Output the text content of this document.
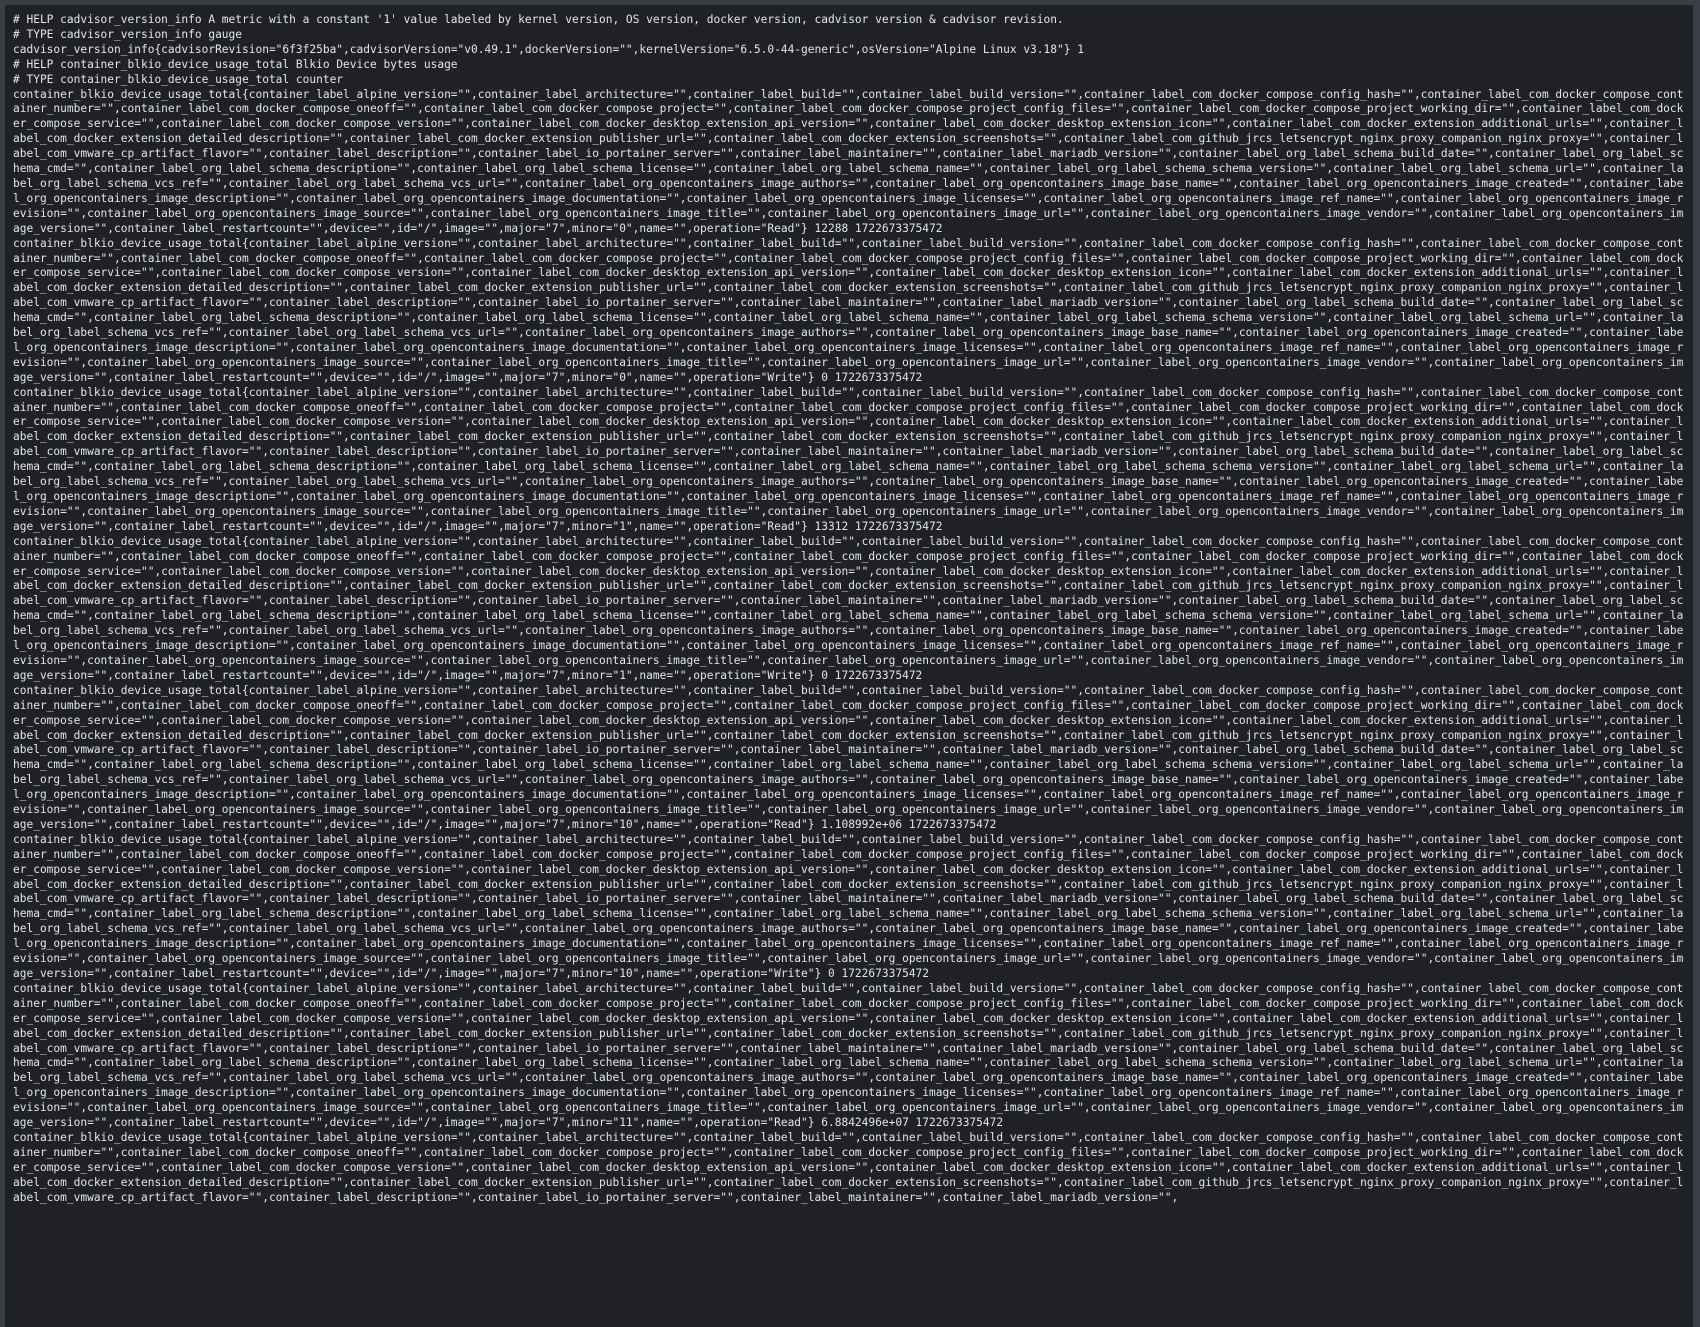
# HELP cadvisor_version_info A metric with a constant '1' value labeled by kernel version, OS version, docker version, cadvisor version & cadvisor revision.
# TYPE cadvisor_version_info gauge
cadvisor_version_info{cadvisorRevision="6f3f25ba",cadvisorVersion="v0.49.1",dockerVersion="",kernelVersion="6.5.0-44-generic",osVersion="Alpine Linux v3.18"} 1
# HELP container_blkio_device_usage_total Blkio Device bytes usage
# TYPE container_blkio_device_usage_total counter
container_blkio_device_usage_total{container_label_alpine_version="",container_label_architecture="",container_label_build="",container_label_build_version="",container_label_com_docker_compose_config_hash="",container_label_com_docker_compose_container_number="",container_label_com_docker_compose_oneoff="",container_label_com_docker_compose_project="",container_label_com_docker_compose_project_config_files="",container_label_com_docker_compose_project_working_dir="",container_label_com_docker_compose_service="",container_label_com_docker_compose_version="",container_label_com_docker_desktop_extension_api_version="",container_label_com_docker_desktop_extension_icon="",container_label_com_docker_extension_additional_urls="",container_label_com_docker_extension_detailed_description="",container_label_com_docker_extension_publisher_url="",container_label_com_docker_extension_screenshots="",container_label_com_github_jrcs_letsencrypt_nginx_proxy_companion_nginx_proxy="",container_label_com_vmware_cp_artifact_flavor="",container_label_description="",container_label_io_portainer_server="",container_label_maintainer="",container_label_mariadb_version="",container_label_org_label_schema_build_date="",container_label_org_label_schema_cmd="",container_label_org_label_schema_description="",container_label_org_label_schema_license="",container_label_org_label_schema_name="",container_label_org_label_schema_schema_version="",container_label_org_label_schema_url="",container_label_org_label_schema_vcs_ref="",container_label_org_label_schema_vcs_url="",container_label_org_opencontainers_image_authors="",container_label_org_opencontainers_image_base_name="",container_label_org_opencontainers_image_created="",container_label_org_opencontainers_image_description="",container_label_org_opencontainers_image_documentation="",container_label_org_opencontainers_image_licenses="",container_label_org_opencontainers_image_ref_name="",container_label_org_opencontainers_image_revision="",container_label_org_opencontainers_image_source="",container_label_org_opencontainers_image_title="",container_label_org_opencontainers_image_url="",container_label_org_opencontainers_image_vendor="",container_label_org_opencontainers_image_version="",container_label_restartcount="",device="",id="/",image="",major="7",minor="0",name="",operation="Read"} 12288 1722673375472
container_blkio_device_usage_total{container_label_alpine_version="",container_label_architecture="",container_label_build="",container_label_build_version="",container_label_com_docker_compose_config_hash="",container_label_com_docker_compose_container_number="",container_label_com_docker_compose_oneoff="",container_label_com_docker_compose_project="",container_label_com_docker_compose_project_config_files="",container_label_com_docker_compose_project_working_dir="",container_label_com_docker_compose_service="",container_label_com_docker_compose_version="",container_label_com_docker_desktop_extension_api_version="",container_label_com_docker_desktop_extension_icon="",container_label_com_docker_extension_additional_urls="",container_label_com_docker_extension_detailed_description="",container_label_com_docker_extension_publisher_url="",container_label_com_docker_extension_screenshots="",container_label_com_github_jrcs_letsencrypt_nginx_proxy_companion_nginx_proxy="",container_label_com_vmware_cp_artifact_flavor="",container_label_description="",container_label_io_portainer_server="",container_label_maintainer="",container_label_mariadb_version="",container_label_org_label_schema_build_date="",container_label_org_label_schema_cmd="",container_label_org_label_schema_description="",container_label_org_label_schema_license="",container_label_org_label_schema_name="",container_label_org_label_schema_schema_version="",container_label_org_label_schema_url="",container_label_org_label_schema_vcs_ref="",container_label_org_label_schema_vcs_url="",container_label_org_opencontainers_image_authors="",container_label_org_opencontainers_image_base_name="",container_label_org_opencontainers_image_created="",container_label_org_opencontainers_image_description="",container_label_org_opencontainers_image_documentation="",container_label_org_opencontainers_image_licenses="",container_label_org_opencontainers_image_ref_name="",container_label_org_opencontainers_image_revision="",container_label_org_opencontainers_image_source="",container_label_org_opencontainers_image_title="",container_label_org_opencontainers_image_url="",container_label_org_opencontainers_image_vendor="",container_label_org_opencontainers_image_version="",container_label_restartcount="",device="",id="/",image="",major="7",minor="0",name="",operation="Write"} 0 1722673375472
container_blkio_device_usage_total{container_label_alpine_version="",container_label_architecture="",container_label_build="",container_label_build_version="",container_label_com_docker_compose_config_hash="",container_label_com_docker_compose_container_number="",container_label_com_docker_compose_oneoff="",container_label_com_docker_compose_project="",container_label_com_docker_compose_project_config_files="",container_label_com_docker_compose_project_working_dir="",container_label_com_docker_compose_service="",container_label_com_docker_compose_version="",container_label_com_docker_desktop_extension_api_version="",container_label_com_docker_desktop_extension_icon="",container_label_com_docker_extension_additional_urls="",container_label_com_docker_extension_detailed_description="",container_label_com_docker_extension_publisher_url="",container_label_com_docker_extension_screenshots="",container_label_com_github_jrcs_letsencrypt_nginx_proxy_companion_nginx_proxy="",container_label_com_vmware_cp_artifact_flavor="",container_label_description="",container_label_io_portainer_server="",container_label_maintainer="",container_label_mariadb_version="",container_label_org_label_schema_build_date="",container_label_org_label_schema_cmd="",container_label_org_label_schema_description="",container_label_org_label_schema_license="",container_label_org_label_schema_name="",container_label_org_label_schema_schema_version="",container_label_org_label_schema_url="",container_label_org_label_schema_vcs_ref="",container_label_org_label_schema_vcs_url="",container_label_org_opencontainers_image_authors="",container_label_org_opencontainers_image_base_name="",container_label_org_opencontainers_image_created="",container_label_org_opencontainers_image_description="",container_label_org_opencontainers_image_documentation="",container_label_org_opencontainers_image_licenses="",container_label_org_opencontainers_image_ref_name="",container_label_org_opencontainers_image_revision="",container_label_org_opencontainers_image_source="",container_label_org_opencontainers_image_title="",container_label_org_opencontainers_image_url="",container_label_org_opencontainers_image_vendor="",container_label_org_opencontainers_image_version="",container_label_restartcount="",device="",id="/",image="",major="7",minor="1",name="",operation="Read"} 13312 1722673375472
container_blkio_device_usage_total{container_label_alpine_version="",container_label_architecture="",container_label_build="",container_label_build_version="",container_label_com_docker_compose_config_hash="",container_label_com_docker_compose_container_number="",container_label_com_docker_compose_oneoff="",container_label_com_docker_compose_project="",container_label_com_docker_compose_project_config_files="",container_label_com_docker_compose_project_working_dir="",container_label_com_docker_compose_service="",container_label_com_docker_compose_version="",container_label_com_docker_desktop_extension_api_version="",container_label_com_docker_desktop_extension_icon="",container_label_com_docker_extension_additional_urls="",container_label_com_docker_extension_detailed_description="",container_label_com_docker_extension_publisher_url="",container_label_com_docker_extension_screenshots="",container_label_com_github_jrcs_letsencrypt_nginx_proxy_companion_nginx_proxy="",container_label_com_vmware_cp_artifact_flavor="",container_label_description="",container_label_io_portainer_server="",container_label_maintainer="",container_label_mariadb_version="",container_label_org_label_schema_build_date="",container_label_org_label_schema_cmd="",container_label_org_label_schema_description="",container_label_org_label_schema_license="",container_label_org_label_schema_name="",container_label_org_label_schema_schema_version="",container_label_org_label_schema_url="",container_label_org_label_schema_vcs_ref="",container_label_org_label_schema_vcs_url="",container_label_org_opencontainers_image_authors="",container_label_org_opencontainers_image_base_name="",container_label_org_opencontainers_image_created="",container_label_org_opencontainers_image_description="",container_label_org_opencontainers_image_documentation="",container_label_org_opencontainers_image_licenses="",container_label_org_opencontainers_image_ref_name="",container_label_org_opencontainers_image_revision="",container_label_org_opencontainers_image_source="",container_label_org_opencontainers_image_title="",container_label_org_opencontainers_image_url="",container_label_org_opencontainers_image_vendor="",container_label_org_opencontainers_image_version="",container_label_restartcount="",device="",id="/",image="",major="7",minor="1",name="",operation="Write"} 0 1722673375472
container_blkio_device_usage_total{container_label_alpine_version="",container_label_architecture="",container_label_build="",container_label_build_version="",container_label_com_docker_compose_config_hash="",container_label_com_docker_compose_container_number="",container_label_com_docker_compose_oneoff="",container_label_com_docker_compose_project="",container_label_com_docker_compose_project_config_files="",container_label_com_docker_compose_project_working_dir="",container_label_com_docker_compose_service="",container_label_com_docker_compose_version="",container_label_com_docker_desktop_extension_api_version="",container_label_com_docker_desktop_extension_icon="",container_label_com_docker_extension_additional_urls="",container_label_com_docker_extension_detailed_description="",container_label_com_docker_extension_publisher_url="",container_label_com_docker_extension_screenshots="",container_label_com_github_jrcs_letsencrypt_nginx_proxy_companion_nginx_proxy="",container_label_com_vmware_cp_artifact_flavor="",container_label_description="",container_label_io_portainer_server="",container_label_maintainer="",container_label_mariadb_version="",container_label_org_label_schema_build_date="",container_label_org_label_schema_cmd="",container_label_org_label_schema_description="",container_label_org_label_schema_license="",container_label_org_label_schema_name="",container_label_org_label_schema_schema_version="",container_label_org_label_schema_url="",container_label_org_label_schema_vcs_ref="",container_label_org_label_schema_vcs_url="",container_label_org_opencontainers_image_authors="",container_label_org_opencontainers_image_base_name="",container_label_org_opencontainers_image_created="",container_label_org_opencontainers_image_description="",container_label_org_opencontainers_image_documentation="",container_label_org_opencontainers_image_licenses="",container_label_org_opencontainers_image_ref_name="",container_label_org_opencontainers_image_revision="",container_label_org_opencontainers_image_source="",container_label_org_opencontainers_image_title="",container_label_org_opencontainers_image_url="",container_label_org_opencontainers_image_vendor="",container_label_org_opencontainers_image_version="",container_label_restartcount="",device="",id="/",image="",major="7",minor="10",name="",operation="Read"} 1.108992e+06 1722673375472
container_blkio_device_usage_total{container_label_alpine_version="",container_label_architecture="",container_label_build="",container_label_build_version="",container_label_com_docker_compose_config_hash="",container_label_com_docker_compose_container_number="",container_label_com_docker_compose_oneoff="",container_label_com_docker_compose_project="",container_label_com_docker_compose_project_config_files="",container_label_com_docker_compose_project_working_dir="",container_label_com_docker_compose_service="",container_label_com_docker_compose_version="",container_label_com_docker_desktop_extension_api_version="",container_label_com_docker_desktop_extension_icon="",container_label_com_docker_extension_additional_urls="",container_label_com_docker_extension_detailed_description="",container_label_com_docker_extension_publisher_url="",container_label_com_docker_extension_screenshots="",container_label_com_github_jrcs_letsencrypt_nginx_proxy_companion_nginx_proxy="",container_label_com_vmware_cp_artifact_flavor="",container_label_description="",container_label_io_portainer_server="",container_label_maintainer="",container_label_mariadb_version="",container_label_org_label_schema_build_date="",container_label_org_label_schema_cmd="",container_label_org_label_schema_description="",container_label_org_label_schema_license="",container_label_org_label_schema_name="",container_label_org_label_schema_schema_version="",container_label_org_label_schema_url="",container_label_org_label_schema_vcs_ref="",container_label_org_label_schema_vcs_url="",container_label_org_opencontainers_image_authors="",container_label_org_opencontainers_image_base_name="",container_label_org_opencontainers_image_created="",container_label_org_opencontainers_image_description="",container_label_org_opencontainers_image_documentation="",container_label_org_opencontainers_image_licenses="",container_label_org_opencontainers_image_ref_name="",container_label_org_opencontainers_image_revision="",container_label_org_opencontainers_image_source="",container_label_org_opencontainers_image_title="",container_label_org_opencontainers_image_url="",container_label_org_opencontainers_image_vendor="",container_label_org_opencontainers_image_version="",container_label_restartcount="",device="",id="/",image="",major="7",minor="10",name="",operation="Write"} 0 1722673375472
container_blkio_device_usage_total{container_label_alpine_version="",container_label_architecture="",container_label_build="",container_label_build_version="",container_label_com_docker_compose_config_hash="",container_label_com_docker_compose_container_number="",container_label_com_docker_compose_oneoff="",container_label_com_docker_compose_project="",container_label_com_docker_compose_project_config_files="",container_label_com_docker_compose_project_working_dir="",container_label_com_docker_compose_service="",container_label_com_docker_compose_version="",container_label_com_docker_desktop_extension_api_version="",container_label_com_docker_desktop_extension_icon="",container_label_com_docker_extension_additional_urls="",container_label_com_docker_extension_detailed_description="",container_label_com_docker_extension_publisher_url="",container_label_com_docker_extension_screenshots="",container_label_com_github_jrcs_letsencrypt_nginx_proxy_companion_nginx_proxy="",container_label_com_vmware_cp_artifact_flavor="",container_label_description="",container_label_io_portainer_server="",container_label_maintainer="",container_label_mariadb_version="",container_label_org_label_schema_build_date="",container_label_org_label_schema_cmd="",container_label_org_label_schema_description="",container_label_org_label_schema_license="",container_label_org_label_schema_name="",container_label_org_label_schema_schema_version="",container_label_org_label_schema_url="",container_label_org_label_schema_vcs_ref="",container_label_org_label_schema_vcs_url="",container_label_org_opencontainers_image_authors="",container_label_org_opencontainers_image_base_name="",container_label_org_opencontainers_image_created="",container_label_org_opencontainers_image_description="",container_label_org_opencontainers_image_documentation="",container_label_org_opencontainers_image_licenses="",container_label_org_opencontainers_image_ref_name="",container_label_org_opencontainers_image_revision="",container_label_org_opencontainers_image_source="",container_label_org_opencontainers_image_title="",container_label_org_opencontainers_image_url="",container_label_org_opencontainers_image_vendor="",container_label_org_opencontainers_image_version="",container_label_restartcount="",device="",id="/",image="",major="7",minor="11",name="",operation="Read"} 6.8842496e+07 1722673375472
container_blkio_device_usage_total{container_label_alpine_version="",container_label_architecture="",container_label_build="",container_label_build_version="",container_label_com_docker_compose_config_hash="",container_label_com_docker_compose_container_number="",container_label_com_docker_compose_oneoff="",container_label_com_docker_compose_project="",container_label_com_docker_compose_project_config_files="",container_label_com_docker_compose_project_working_dir="",container_label_com_docker_compose_service="",container_label_com_docker_compose_version="",container_label_com_docker_desktop_extension_api_version="",container_label_com_docker_desktop_extension_icon="",container_label_com_docker_extension_additional_urls="",container_label_com_docker_extension_detailed_description="",container_label_com_docker_extension_publisher_url="",container_label_com_docker_extension_screenshots="",container_label_com_github_jrcs_letsencrypt_nginx_proxy_companion_nginx_proxy="",container_label_com_vmware_cp_artifact_flavor="",container_label_description="",container_label_io_portainer_server="",container_label_maintainer="",container_label_mariadb_version="",
